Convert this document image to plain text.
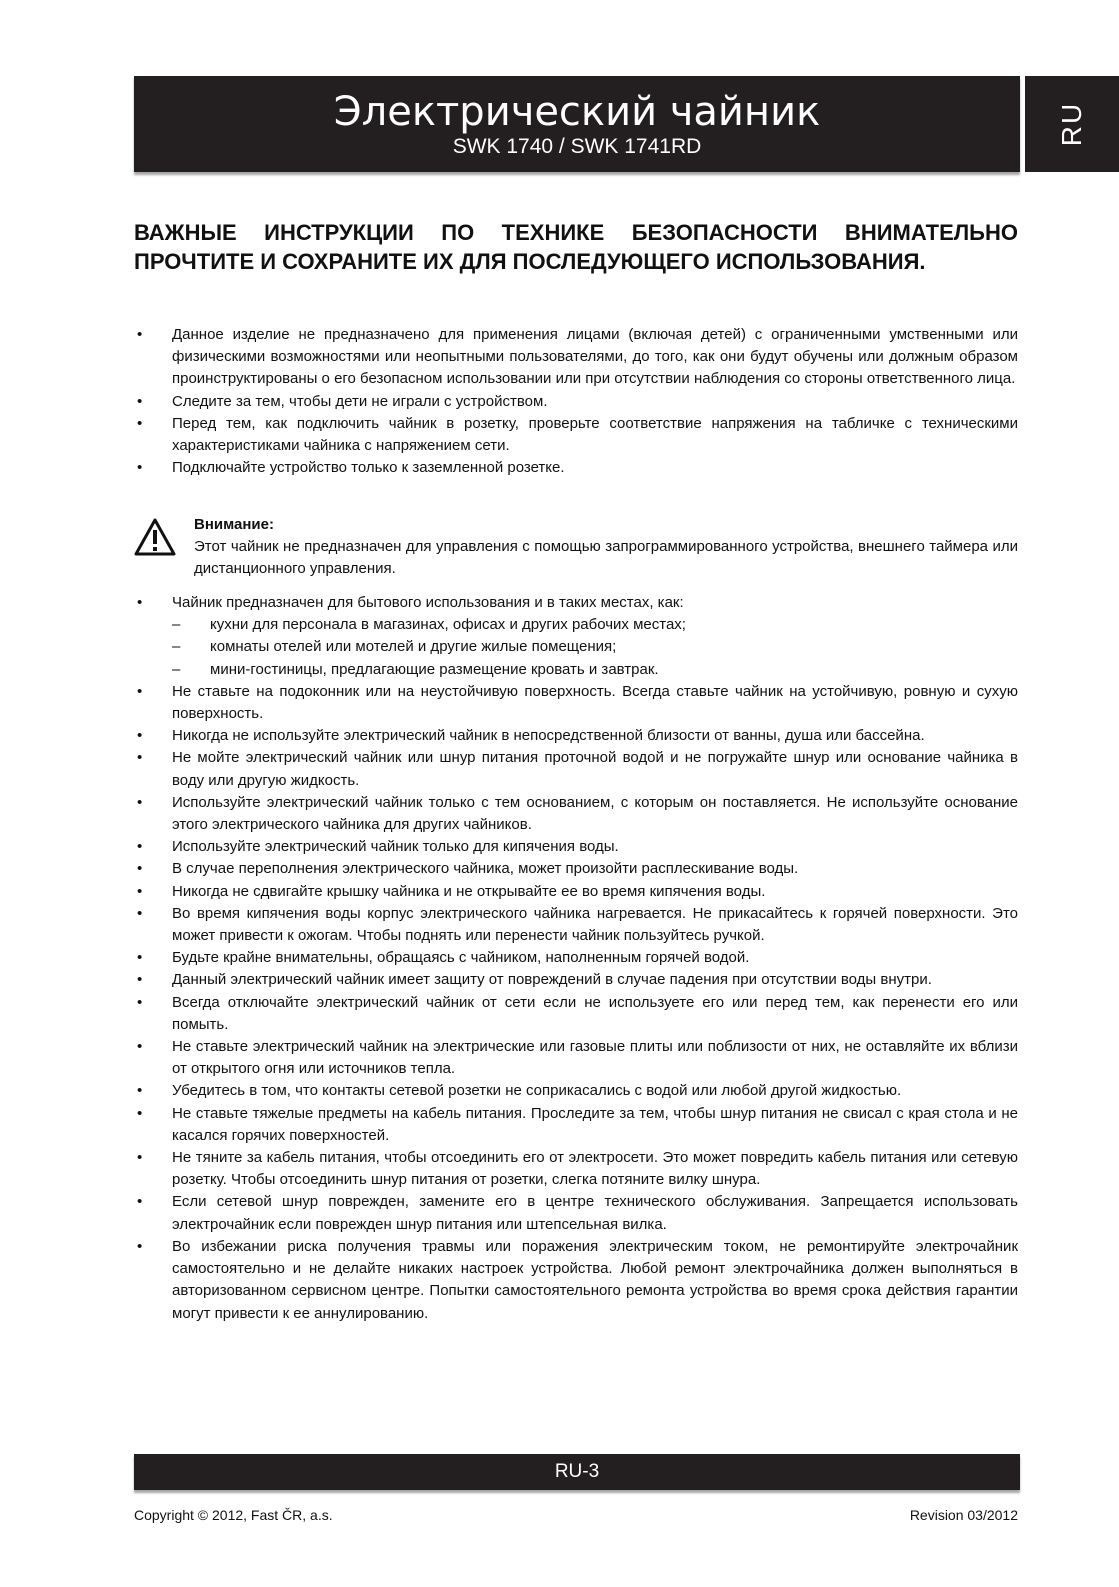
Электрический чайник
SWK 1740 / SWK 1741RD
RU
ВАЖНЫЕ ИНСТРУКЦИИ ПО ТЕХНИКЕ БЕЗОПАСНОСТИ ВНИМАТЕЛЬНО ПРОЧТИТЕ И СОХРАНИТЕ ИХ ДЛЯ ПОСЛЕДУЮЩЕГО ИСПОЛЬЗОВАНИЯ.
• Данное изделие не предназначено для применения лицами (включая детей) с ограниченными умственными или физическими возможностями или неопытными пользователями, до того, как они будут обучены или должным образом проинструктированы о его безопасном использовании или при отсутствии наблюдения со стороны ответственного лица.
• Следите за тем, чтобы дети не играли с устройством.
• Перед тем, как подключить чайник в розетку, проверьте соответствие напряжения на табличке с техническими характеристиками чайника с напряжением сети.
• Подключайте устройство только к заземленной розетке.
Внимание:
Этот чайник не предназначен для управления с помощью запрограммированного устройства, внешнего таймера или дистанционного управления.
• Чайник предназначен для бытового использования и в таких местах, как:
– кухни для персонала в магазинах, офисах и других рабочих местах;
– комнаты отелей или мотелей и другие жилые помещения;
– мини-гостиницы, предлагающие размещение кровать и завтрак.
• Не ставьте на подоконник или на неустойчивую поверхность. Всегда ставьте чайник на устойчивую, ровную и сухую поверхность.
• Никогда не используйте электрический чайник в непосредственной близости от ванны, душа или бассейна.
• Не мойте электрический чайник или шнур питания проточной водой и не погружайте шнур или основание чайника в воду или другую жидкость.
• Используйте электрический чайник только с тем основанием, с которым он поставляется. Не используйте основание этого электрического чайника для других чайников.
• Используйте электрический чайник только для кипячения воды.
• В случае переполнения электрического чайника, может произойти расплескивание воды.
• Никогда не сдвигайте крышку чайника и не открывайте ее во время кипячения воды.
• Во время кипячения воды корпус электрического чайника нагревается. Не прикасайтесь к горячей поверхности. Это может привести к ожогам. Чтобы поднять или перенести чайник пользуйтесь ручкой.
• Будьте крайне внимательны, обращаясь с чайником, наполненным горячей водой.
• Данный электрический чайник имеет защиту от повреждений в случае падения при отсутствии воды внутри.
• Всегда отключайте электрический чайник от сети если не используете его или перед тем, как перенести его или помыть.
• Не ставьте электрический чайник на электрические или газовые плиты или поблизости от них, не оставляйте их вблизи от открытого огня или источников тепла.
• Убедитесь в том, что контакты сетевой розетки не соприкасались с водой или любой другой жидкостью.
• Не ставьте тяжелые предметы на кабель питания. Проследите за тем, чтобы шнур питания не свисал с края стола и не касался горячих поверхностей.
• Не тяните за кабель питания, чтобы отсоединить его от электросети. Это может повредить кабель питания или сетевую розетку. Чтобы отсоединить шнур питания от розетки, слегка потяните вилку шнура.
• Если сетевой шнур поврежден, замените его в центре технического обслуживания. Запрещается использовать электрочайник если поврежден шнур питания или штепсельная вилка.
• Во избежании риска получения травмы или поражения электрическим током, не ремонтируйте электрочайник самостоятельно и не делайте никаких настроек устройства. Любой ремонт электрочайника должен выполняться в авторизованном сервисном центре. Попытки самостоятельного ремонта устройства во время срока действия гарантии могут привести к ее аннулированию.
RU-3
Copyright © 2012, Fast ČR, a.s.	Revision 03/2012
